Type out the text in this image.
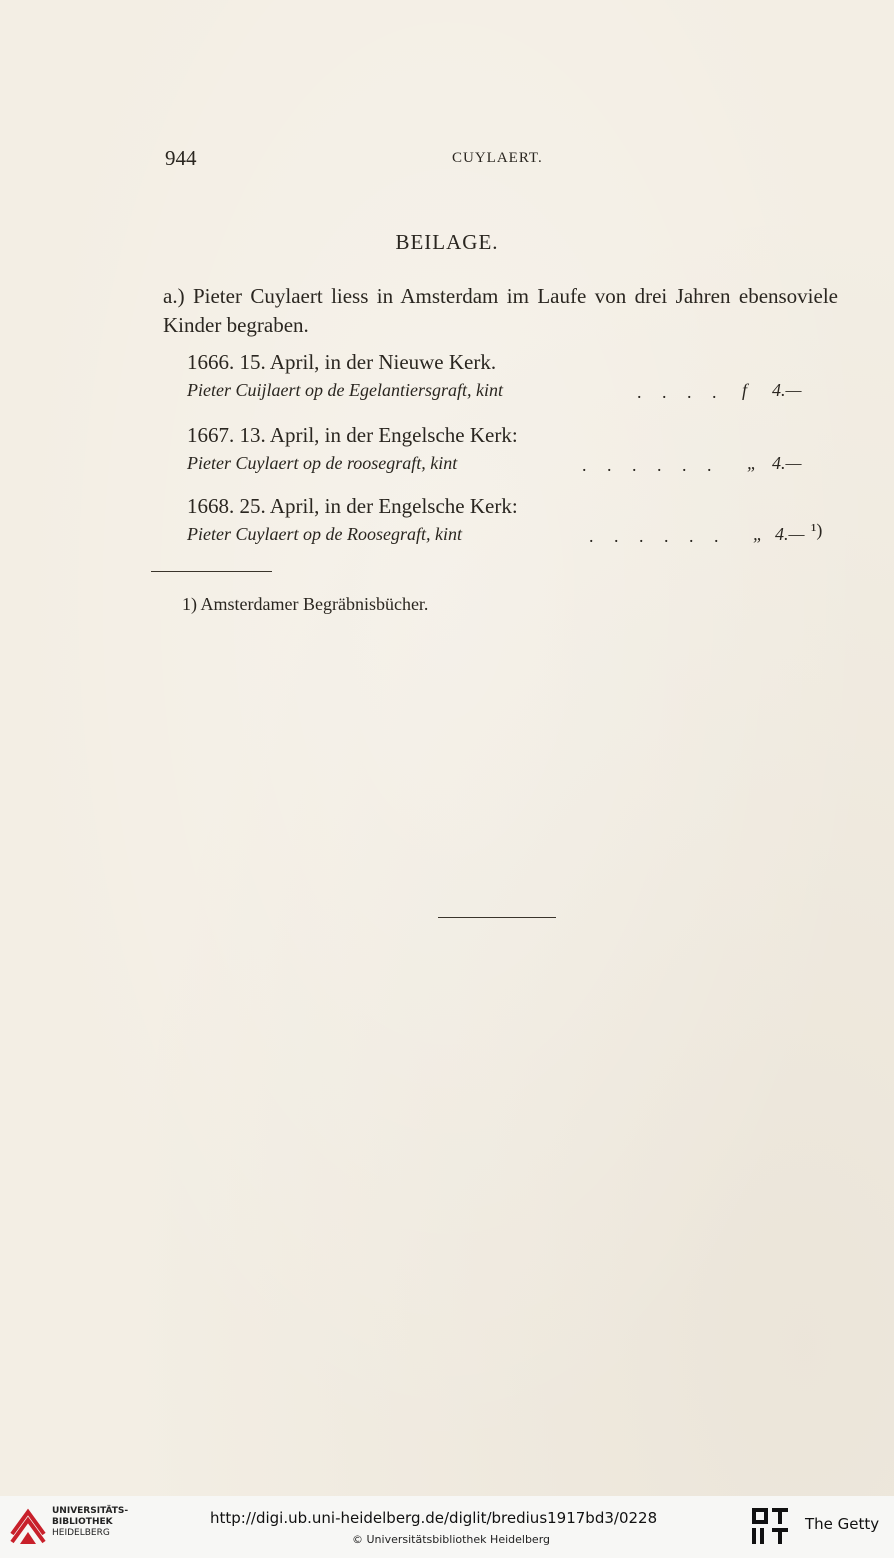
944	CUYLAERT.
BEILAGE.
a.) Pieter Cuylaert liess in Amsterdam im Laufe von drei Jahren ebensoviele Kinder begraben.
1666. 15. April, in der Nieuwe Kerk.
Pieter Cuijlaert op de Egelantiersgraft, kint	. . . . f 4.—
1667. 13. April, in der Engelsche Kerk:
Pieter Cuylaert op de roosegraft, kint	. . . . . . „ 4.—
1668. 25. April, in der Engelsche Kerk:
Pieter Cuylaert op de Roosegraft, kint	. . . . . . „ 4.— ¹)
1) Amsterdamer Begräbnisbücher.
UNIVERSITÄTS-
BIBLIOTHEK
HEIDELBERG
http://digi.ub.uni-heidelberg.de/diglit/bredius1917bd3/0228
© Universitätsbibliothek Heidelberg
The Getty
